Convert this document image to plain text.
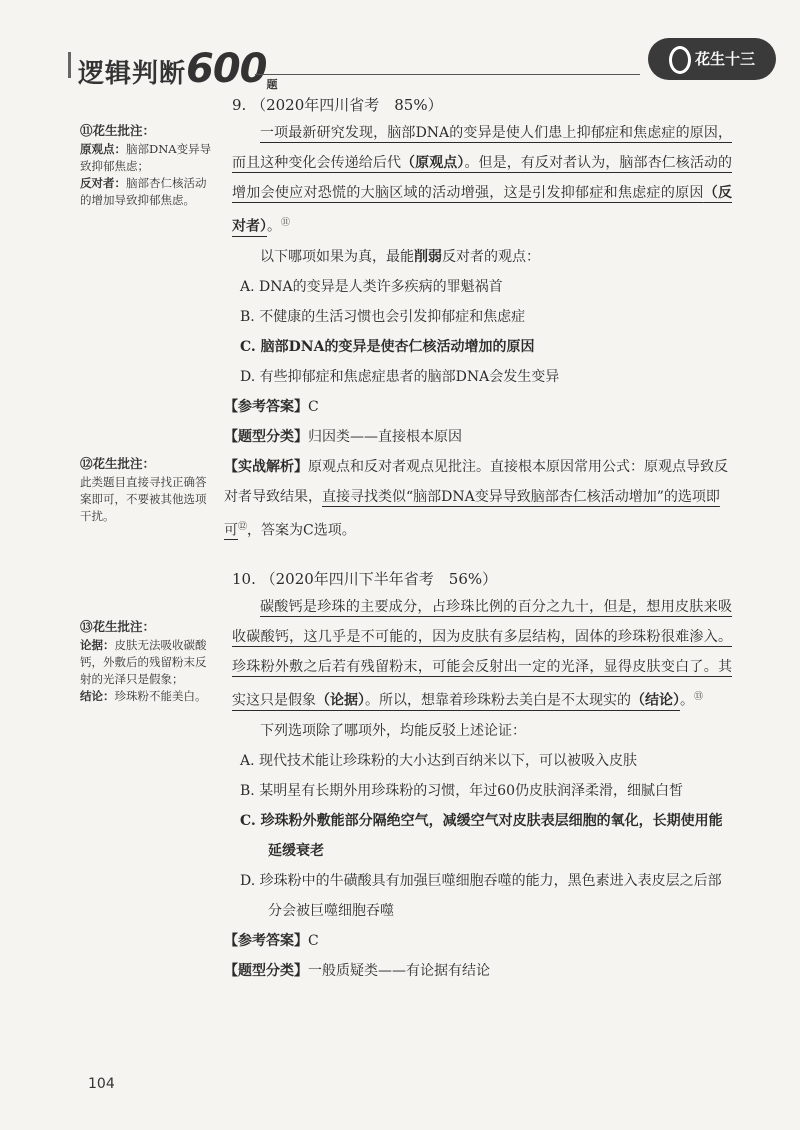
逻辑判断600题
花生十三
⑪花生批注：
原观点：脑部DNA变异导致抑郁焦虑；
反对者：脑部杏仁核活动的增加导致抑郁焦虑。
⑫花生批注：
此类题目直接寻找正确答案即可，不要被其他选项干扰。
⑬花生批注：
论据：皮肤无法吸收碳酸钙，外敷后的残留粉末反射的光泽只是假象；
结论：珍珠粉不能美白。
9. （2020年四川省考　85%）
一项最新研究发现，脑部DNA的变异是使人们患上抑郁症和焦虑症的原因，而且这种变化会传递给后代（原观点）。但是，有反对者认为，脑部杏仁核活动的增加会使应对恐慌的大脑区域的活动增强，这是引发抑郁症和焦虑症的原因（反对者）。⑪
以下哪项如果为真，最能削弱反对者的观点：
A. DNA的变异是人类许多疾病的罪魁祸首
B. 不健康的生活习惯也会引发抑郁症和焦虑症
C. 脑部DNA的变异是使杏仁核活动增加的原因
D. 有些抑郁症和焦虑症患者的脑部DNA会发生变异
【参考答案】C
【题型分类】归因类——直接根本原因
【实战解析】原观点和反对者观点见批注。直接根本原因常用公式：原观点导致反对者导致结果，直接寻找类似“脑部DNA变异导致脑部杏仁核活动增加”的选项即可⑫，答案为C选项。
10. （2020年四川下半年省考　56%）
碳酸钙是珍珠的主要成分，占珍珠比例的百分之九十，但是，想用皮肤来吸收碳酸钙，这几乎是不可能的，因为皮肤有多层结构，固体的珍珠粉很难渗入。珍珠粉外敷之后若有残留粉末，可能会反射出一定的光泽，显得皮肤变白了。其实这只是假象（论据）。所以，想靠着珍珠粉去美白是不太现实的（结论）。⑬
下列选项除了哪项外，均能反驳上述论证：
A. 现代技术能让珍珠粉的大小达到百纳米以下，可以被吸入皮肤
B. 某明星有长期外用珍珠粉的习惯，年过60仍皮肤润泽柔滑，细腻白皙
C. 珍珠粉外敷能部分隔绝空气，减缓空气对皮肤表层细胞的氧化，长期使用能延缓衰老
D. 珍珠粉中的牛磺酸具有加强巨噬细胞吞噬的能力，黑色素进入表皮层之后部分会被巨噬细胞吞噬
【参考答案】C
【题型分类】一般质疑类——有论据有结论
104
